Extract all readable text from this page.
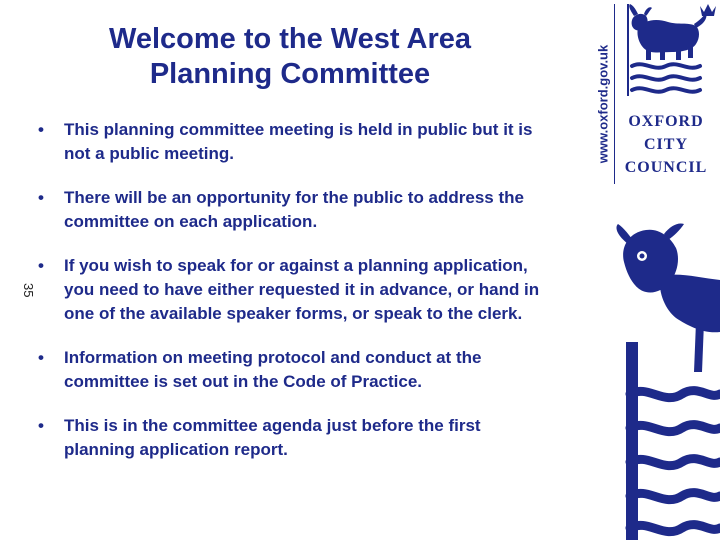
Welcome to the West Area
Planning Committee
• This planning committee meeting is held in public but it is not a public meeting.
• There will be an opportunity for the public to address the committee on each application.
• If you wish to speak for or against a planning application, you need to have either requested it in advance, or hand in one of the available speaker forms, or speak to the clerk.
• Information on meeting protocol and conduct at the committee is set out in the Code of Practice.
• This is in the committee agenda just before the first planning application report.
35
www.oxford.gov.uk	OXFORD
CITY
COUNCIL
